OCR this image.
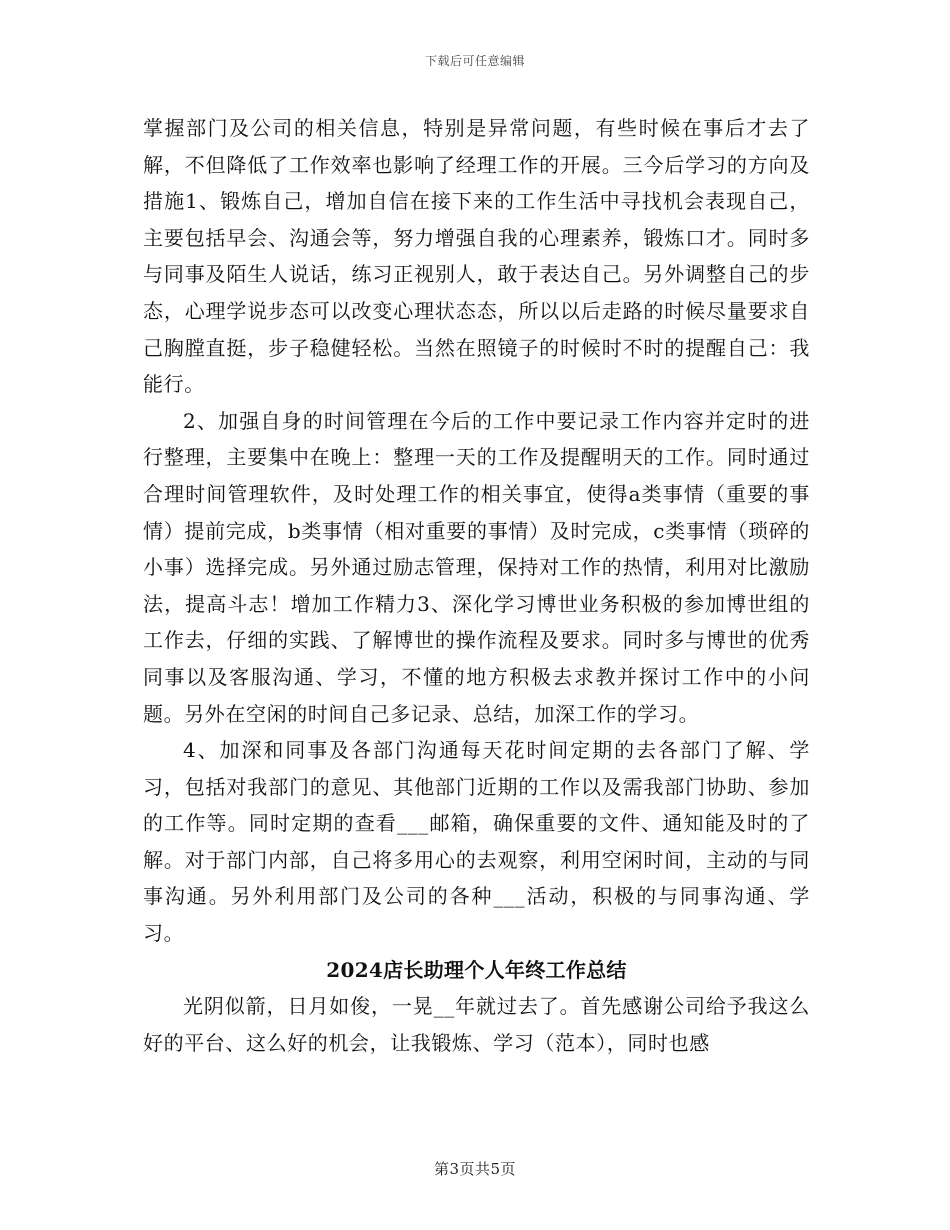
下载后可任意编辑

掌握部门及公司的相关信息，特别是异常问题，有些时候在事后才去了解，不但降低了工作效率也影响了经理工作的开展。三今后学习的方向及措施1、锻炼自己，增加自信在接下来的工作生活中寻找机会表现自己，主要包括早会、沟通会等，努力增强自我的心理素养，锻炼口才。同时多与同事及陌生人说话，练习正视别人，敢于表达自己。另外调整自己的步态，心理学说步态可以改变心理状态态，所以以后走路的时候尽量要求自己胸膛直挺，步子稳健轻松。当然在照镜子的时候时不时的提醒自己：我能行。

2、加强自身的时间管理在今后的工作中要记录工作内容并定时的进行整理，主要集中在晚上：整理一天的工作及提醒明天的工作。同时通过合理时间管理软件，及时处理工作的相关事宜，使得a类事情（重要的事情）提前完成，b类事情（相对重要的事情）及时完成，c类事情（琐碎的小事）选择完成。另外通过励志管理，保持对工作的热情，利用对比激励法，提高斗志！增加工作精力3、深化学习博世业务积极的参加博世组的工作去，仔细的实践、了解博世的操作流程及要求。同时多与博世的优秀同事以及客服沟通、学习，不懂的地方积极去求教并探讨工作中的小问题。另外在空闲的时间自己多记录、总结，加深工作的学习。

4、加深和同事及各部门沟通每天花时间定期的去各部门了解、学习，包括对我部门的意见、其他部门近期的工作以及需我部门协助、参加的工作等。同时定期的查看___邮箱，确保重要的文件、通知能及时的了解。对于部门内部，自己将多用心的去观察，利用空闲时间，主动的与同事沟通。另外利用部门及公司的各种___活动，积极的与同事沟通、学习。

2024店长助理个人年终工作总结

光阴似箭，日月如俊，一晃__年就过去了。首先感谢公司给予我这么好的平台、这么好的机会，让我锻炼、学习（范本），同时也感

第3页共5页
